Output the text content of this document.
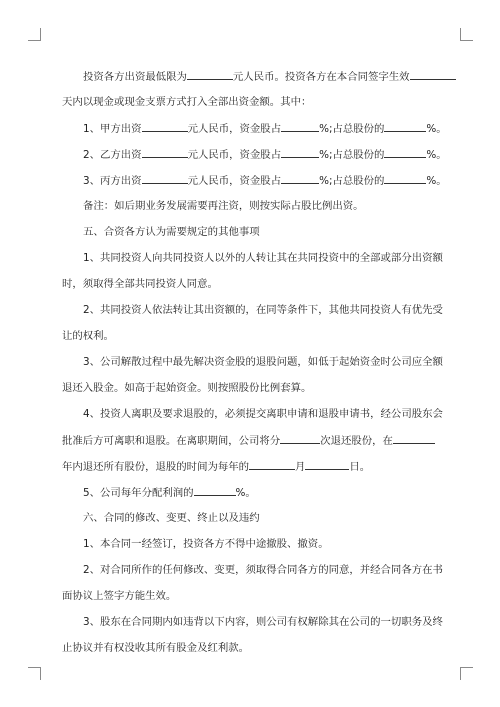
投资各方出资最低限为	元人民币。投资各方在本合同签字生效
天内以现金或现金支票方式打入全部出资金额。其中：
1、甲方出资	元人民币，资金股占	%;占总股份的	%。
2、乙方出资	元人民币，资金股占	%;占总股份的	%。
3、丙方出资	元人民币，资金股占	%;占总股份的	%。
备注：如后期业务发展需要再注资，则按实际占股比例出资。
五、合资各方认为需要规定的其他事项
1、共同投资人向共同投资人以外的人转让其在共同投资中的全部或部分出资额
时，须取得全部共同投资人同意。
2、共同投资人依法转让其出资额的，在同等条件下，其他共同投资人有优先受
让的权利。
3、公司解散过程中最先解决资金股的退股问题，如低于起始资金时公司应全额
退还入股金。如高于起始资金。则按照股份比例套算。
4、投资人离职及要求退股的，必须提交离职申请和退股申请书，经公司股东会
批准后方可离职和退股。在离职期间，公司将分	次退还股份，在
年内退还所有股份，退股的时间为每年的	月	日。
5、公司每年分配利润的	%。
六、合同的修改、变更、终止以及违约
1、本合同一经签订，投资各方不得中途撤股、撤资。
2、对合同所作的任何修改、变更，须取得合同各方的同意，并经合同各方在书
面协议上签字方能生效。
3、股东在合同期内如违背以下内容，则公司有权解除其在公司的一切职务及终
止协议并有权没收其所有股金及红利款。
